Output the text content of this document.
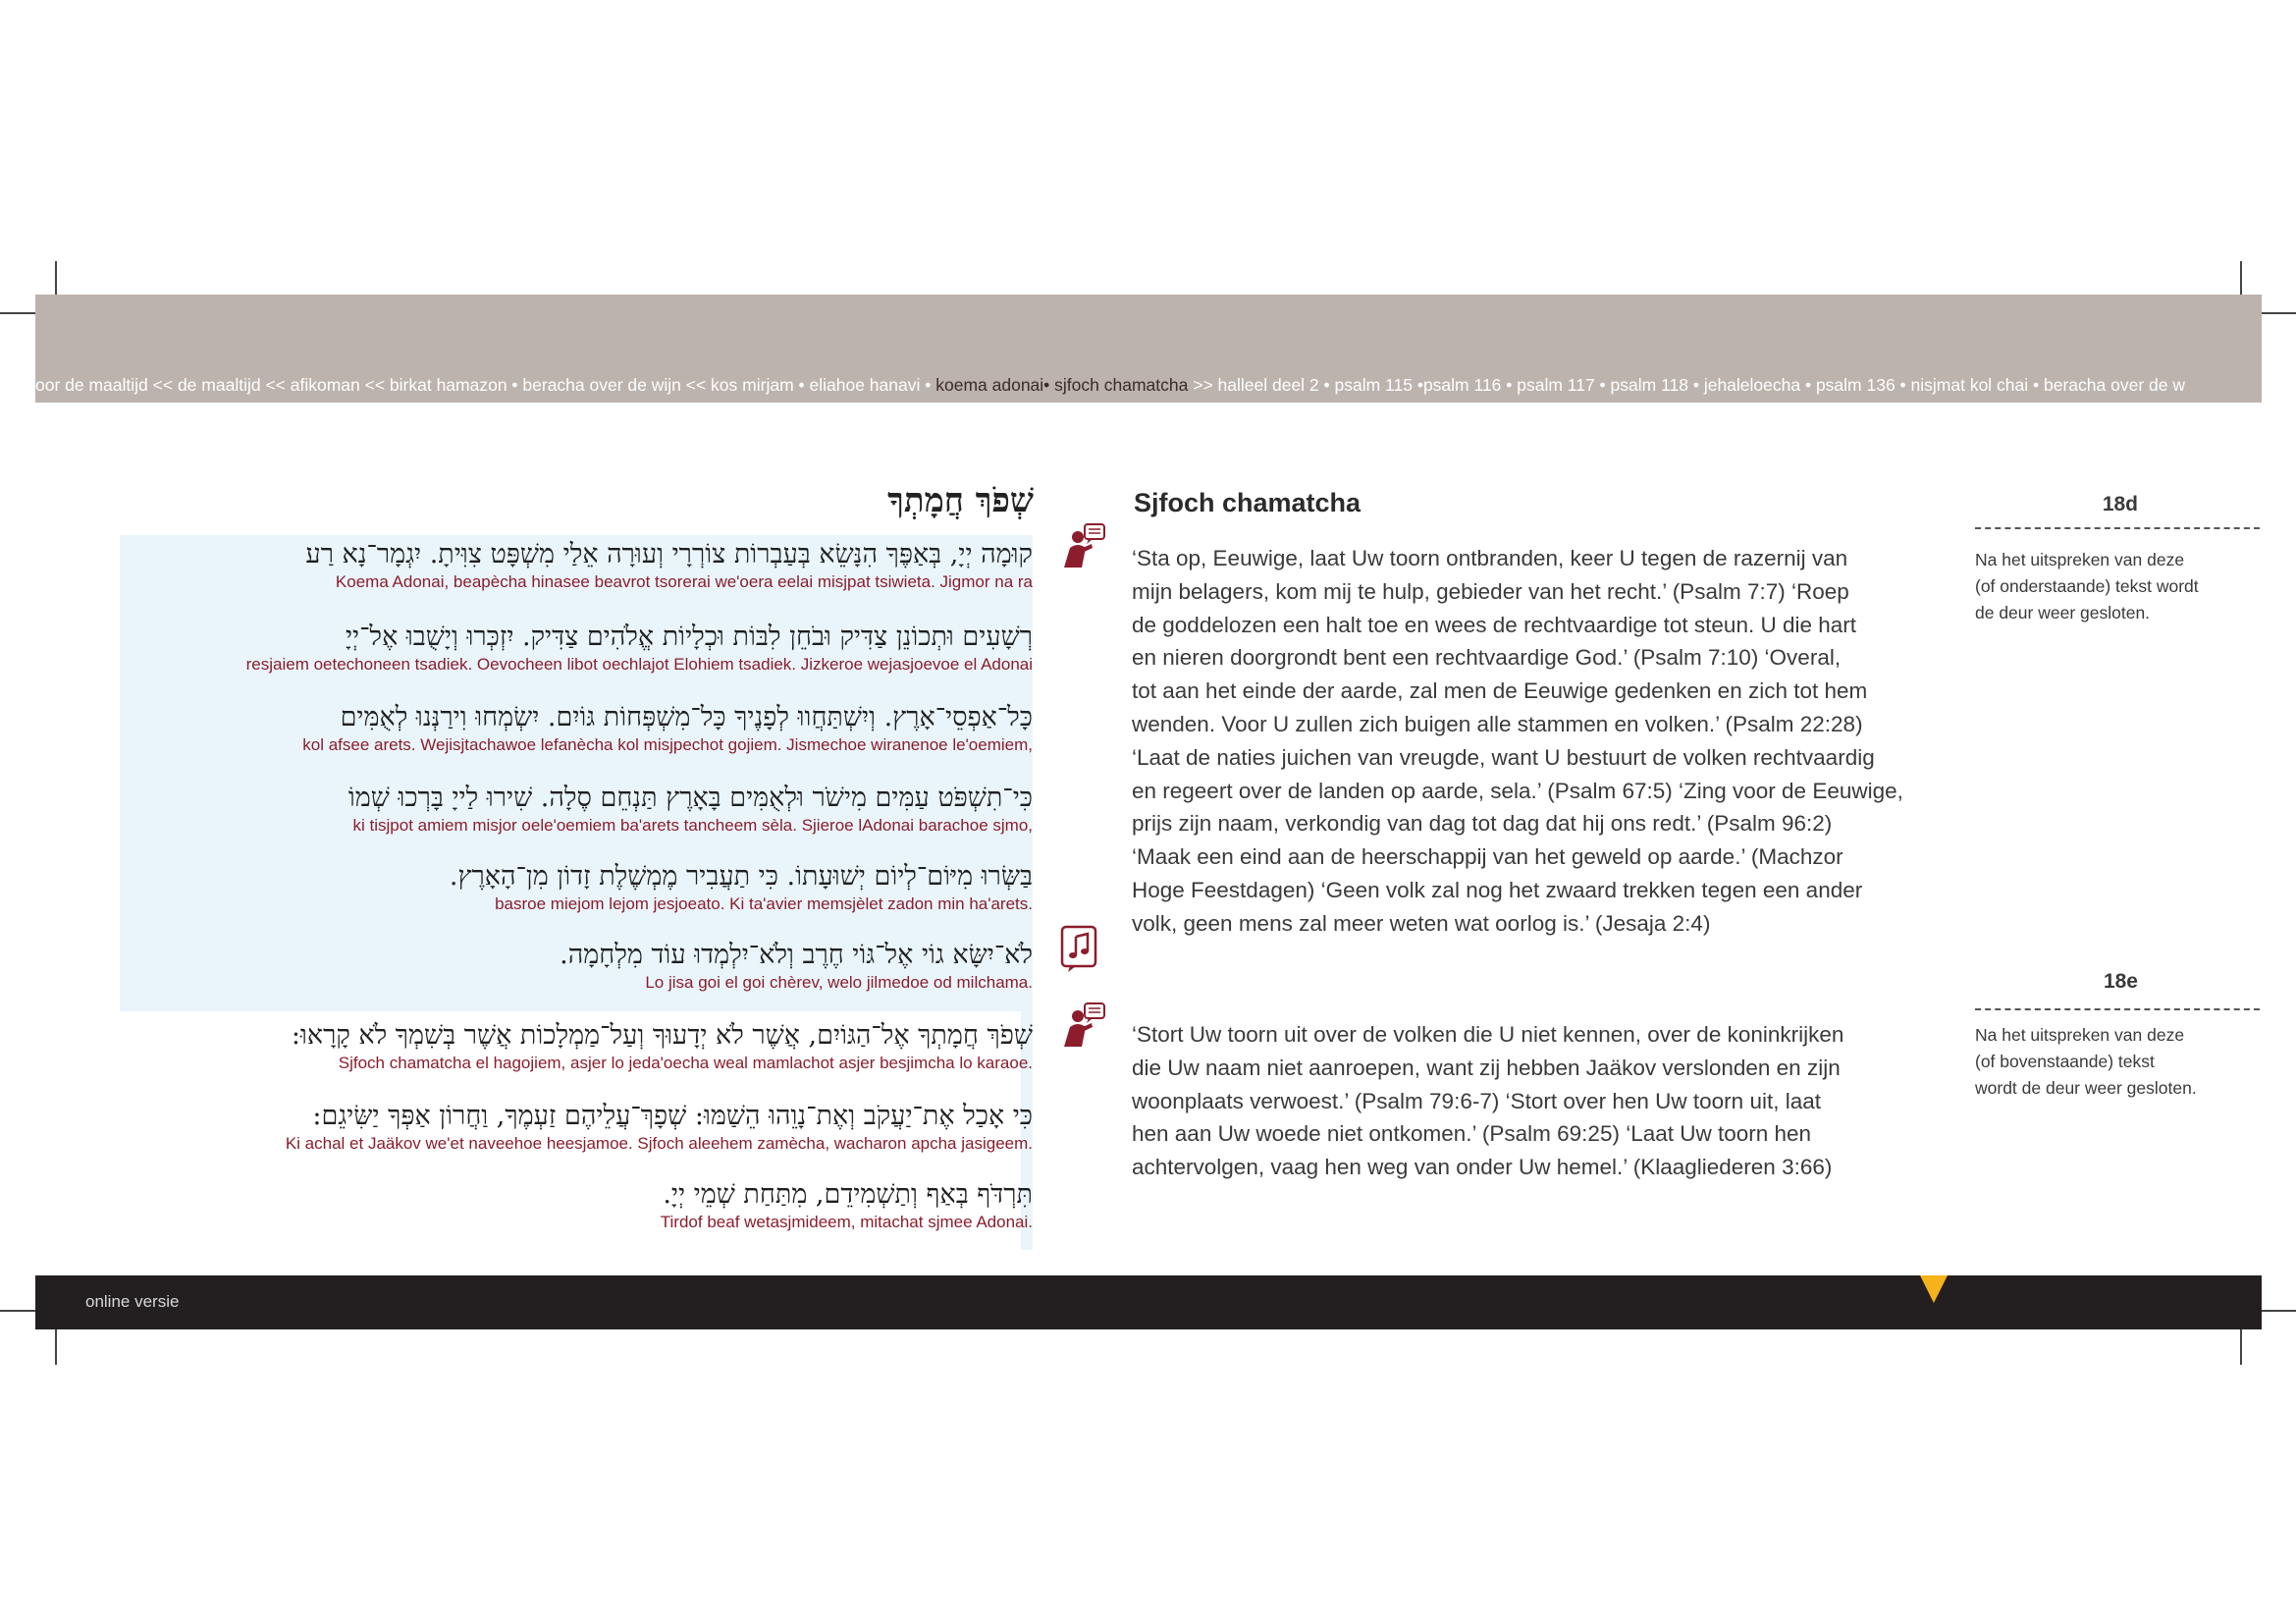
oor de maaltijd << de maaltijd << afikoman << birkat hamazon • beracha over de wijn << kos mirjam • eliahoe hanavi • koema adonai• sjfoch chamatcha >> halleel deel 2 • psalm 115 •psalm 116 • psalm 117 • psalm 118 • jehaleloecha • psalm 136 • nisjmat kol chai • beracha over de w
שְׁפֹךְ חֲמָתְךָ
קוּמָה יְיָ, בְּאַפֶּךָ הִנָּשֵׂא בְּעַבְרוֹת צוֹרְרָי וְעוּרָה אֵלַי מִשְׁפָּט צִוִּיתָ. יִגְמָר־נָא רַע
Koema Adonai, beapècha hinasee beavrot tsorerai we'oera eelai misjpat tsiwieta. Jigmor na ra
רְשָׁעִים וּתְכוֹנֵן צַדִּיק וּבֹחֵן לִבּוֹת וּכְלָיוֹת אֱלֹהִים צַדִּיק. יִזְכְּרוּ וְיָשֻׁבוּ אֶל־יְיָ
resjaiem oetechoneen tsadiek. Oevocheen libot oechlajot Elohiem tsadiek. Jizkeroe wejasjoevoe el Adonai
כָּל־אַפְסֵי־אָרֶץ. וְיִשְׁתַּחֲווּ לְפָנֶיךָ כָּל־מִשְׁפְּחוֹת גּוֹיִם. יִשְׂמְחוּ וִירַנְּנוּ לְאֻמִּים
kol afsee arets. Wejisjtachawoe lefanècha kol misjpechot gojiem. Jismechoe wiranenoe le'oemiem,
כִּי־תִשְׁפֹּט עַמִּים מִישֹׁר וּלְאֻמִּים בָּאָרֶץ תַּנְחֵם סֶלָה. שִׁירוּ לַייָ בָּרְכוּ שְׁמוֹ
ki tisjpot amiem misjor oele'oemiem ba'arets tancheem sèla. Sjieroe lAdonai barachoe sjmo,
בַּשְּׂרוּ מִיּוֹם־לְיוֹם יְשׁוּעָתוֹ. כִּי תַעֲבִיר מֶמְשֶׁלֶת זָדוֹן מִן־הָאָרֶץ.
basroe miejom lejom jesjoeato. Ki ta'avier memsjèlet zadon min ha'arets.
לֹא־יִשָּׂא גוֹי אֶל־גּוֹי חֶרֶב וְלֹא־יִלְמְדוּ עוֹד מִלְחָמָה.
Lo jisa goi el goi chèrev, welo jilmedoe od milchama.
שְׁפֹךְ חֲמָתְךָ אֶל־הַגּוֹיִם, אֲשֶׁר לֹא יְדָעוּךָ וְעַל־מַמְלָכוֹת אֲשֶׁר בְּשִׁמְךָ לֹא קָרָאוּ:
Sjfoch chamatcha el hagojiem, asjer lo jeda'oecha weal mamlachot asjer besjimcha lo karaoe.
כִּי אָכַל אֶת־יַעֲקֹב וְאֶת־נָוֵהוּ הֵשַׁמּוּ: שְׁפָךְ־עֲלֵיהֶם זַעְמֶךָ, וַחֲרוֹן אַפְּךָ יַשִּׂיגֵם:
Ki achal et Jaäkov we'et naveehoe heesjamoe. Sjfoch aleehem zamècha, wacharon apcha jasigeem.
תִּרְדֹּף בְּאַף וְתַשְׁמִידֵם, מִתַּחַת שְׁמֵי יְיָ.
Tirdof beaf wetasjmideem, mitachat sjmee Adonai.
Sjfoch chamatcha	18d
Na het uitspreken van deze
(of onderstaande) tekst wordt
de deur weer gesloten.
‘Sta op, Eeuwige, laat Uw toorn ontbranden, keer U tegen de razernij van
mijn belagers, kom mij te hulp, gebieder van het recht.’ (Psalm 7:7) ‘Roep
de goddelozen een halt toe en wees de rechtvaardige tot steun. U die hart
en nieren doorgrondt bent een rechtvaardige God.’ (Psalm 7:10) ‘Overal,
tot aan het einde der aarde, zal men de Eeuwige gedenken en zich tot hem
wenden. Voor U zullen zich buigen alle stammen en volken.’ (Psalm 22:28)
‘Laat de naties juichen van vreugde, want U bestuurt de volken rechtvaardig
en regeert over de landen op aarde, sela.’ (Psalm 67:5) ‘Zing voor de Eeuwige,
prijs zijn naam, verkondig van dag tot dag dat hij ons redt.’ (Psalm 96:2)
‘Maak een eind aan de heerschappij van het geweld op aarde.’ (Machzor
Hoge Feestdagen) ‘Geen volk zal nog het zwaard trekken tegen een ander
volk, geen mens zal meer weten wat oorlog is.’ (Jesaja 2:4)
18e
Na het uitspreken van deze
(of bovenstaande) tekst
wordt de deur weer gesloten.
‘Stort Uw toorn uit over de volken die U niet kennen, over de koninkrijken
die Uw naam niet aanroepen, want zij hebben Jaäkov verslonden en zijn
woonplaats verwoest.’ (Psalm 79:6-7) ‘Stort over hen Uw toorn uit, laat
hen aan Uw woede niet ontkomen.’ (Psalm 69:25) ‘Laat Uw toorn hen
achtervolgen, vaag hen weg van onder Uw hemel.’ (Klaagliederen 3:66)
online versie
